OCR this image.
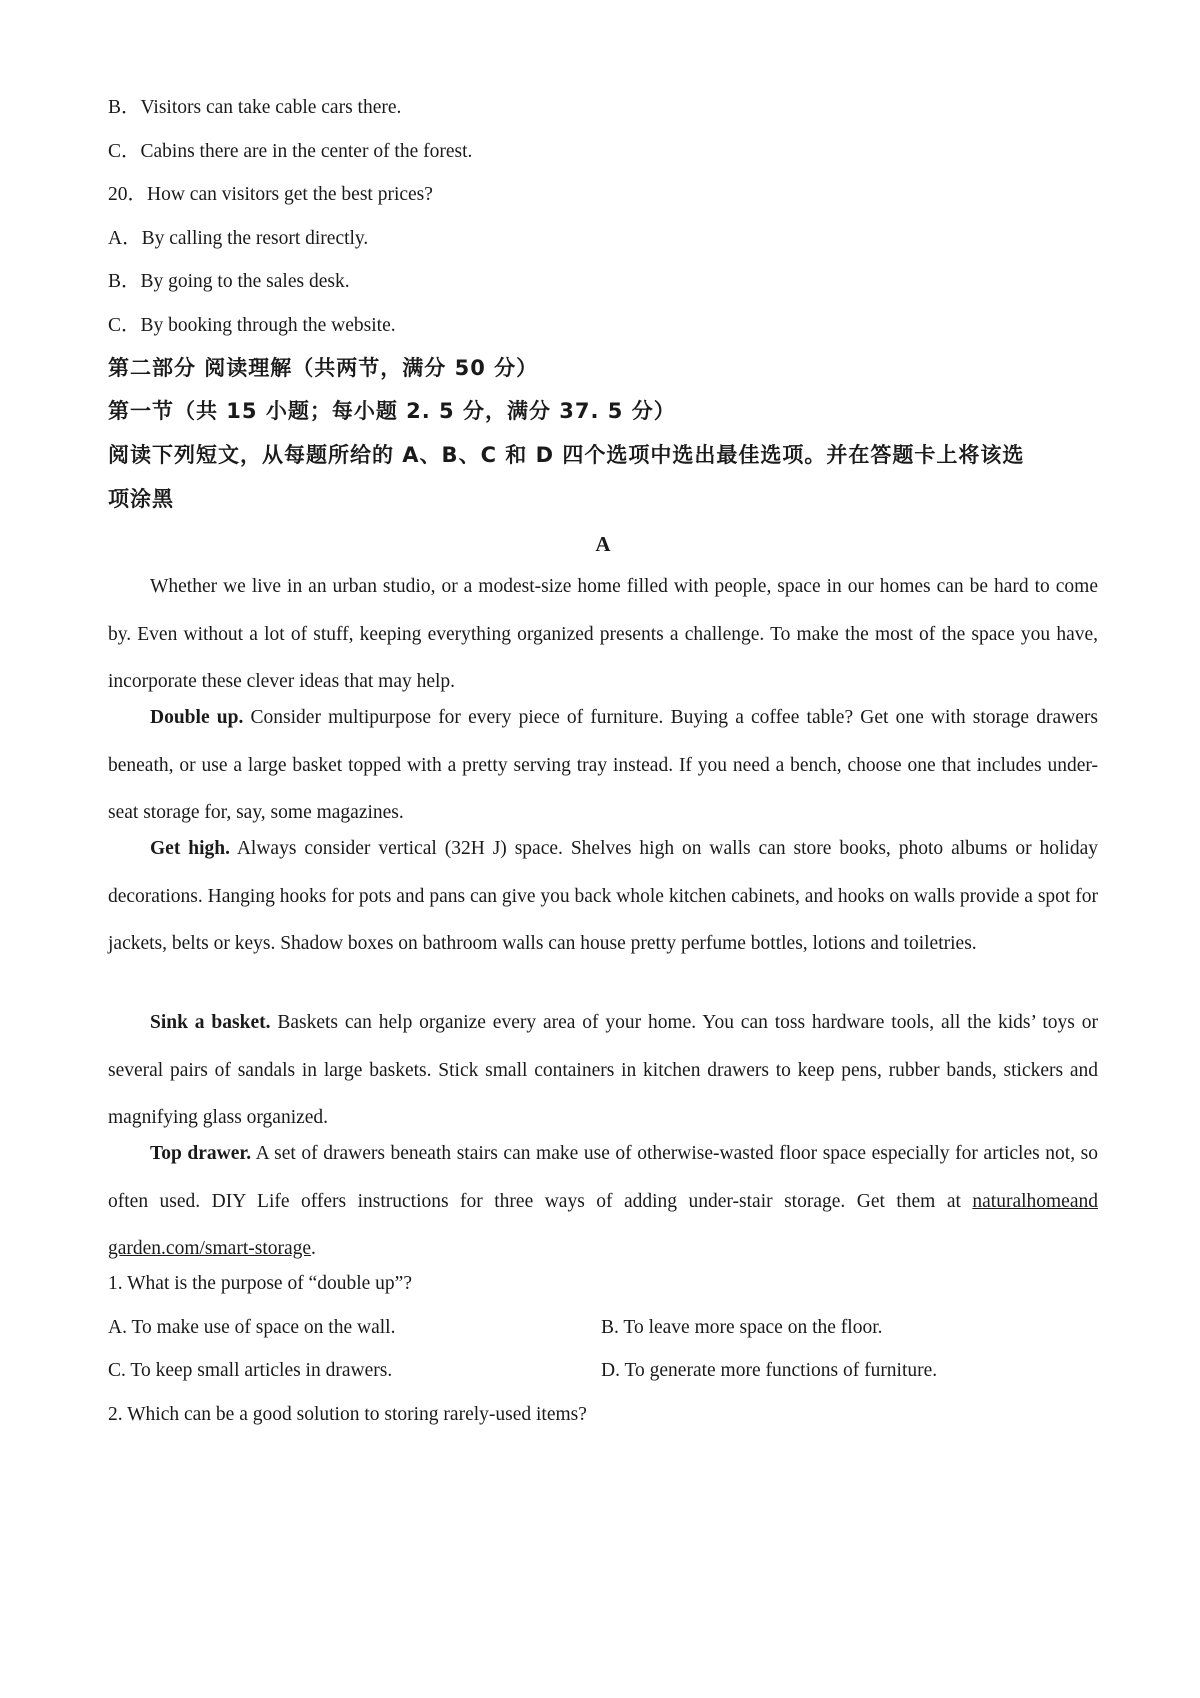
B．Visitors can take cable cars there.
C．Cabins there are in the center of the forest.
20．How can visitors get the best prices?
A．By calling the resort directly.
B．By going to the sales desk.
C．By booking through the website.
第二部分 阅读理解（共两节，满分 50 分）
第一节（共 15 小题；每小题 2. 5 分，满分 37. 5 分）
阅读下列短文，从每题所给的 A、B、C 和 D 四个选项中选出最佳选项。并在答题卡上将该选
项涂黑
A
Whether we live in an urban studio, or a modest-size home filled with people, space in our homes can be hard to come by. Even without a lot of stuff, keeping everything organized presents a challenge. To make the most of the space you have, incorporate these clever ideas that may help.
Double up. Consider multipurpose for every piece of furniture. Buying a coffee table? Get one with storage drawers beneath, or use a large basket topped with a pretty serving tray instead. If you need a bench, choose one that includes under-seat storage for, say, some magazines.
Get high. Always consider vertical (32H J) space. Shelves high on walls can store books, photo albums or holiday decorations. Hanging hooks for pots and pans can give you back whole kitchen cabinets, and hooks on walls provide a spot for jackets, belts or keys. Shadow boxes on bathroom walls can house pretty perfume bottles, lotions and toiletries.
Sink a basket. Baskets can help organize every area of your home. You can toss hardware tools, all the kids’ toys or several pairs of sandals in large baskets. Stick small containers in kitchen drawers to keep pens, rubber bands, stickers and magnifying glass organized.
Top drawer. A set of drawers beneath stairs can make use of otherwise-wasted floor space especially for articles not, so often used. DIY Life offers instructions for three ways of adding under-stair storage. Get them at naturalhomeand garden.com/smart-storage.
1. What is the purpose of “double up”?
A. To make use of space on the wall.	B. To leave more space on the floor.
C. To keep small articles in drawers.	D. To generate more functions of furniture.
2. Which can be a good solution to storing rarely-used items?
